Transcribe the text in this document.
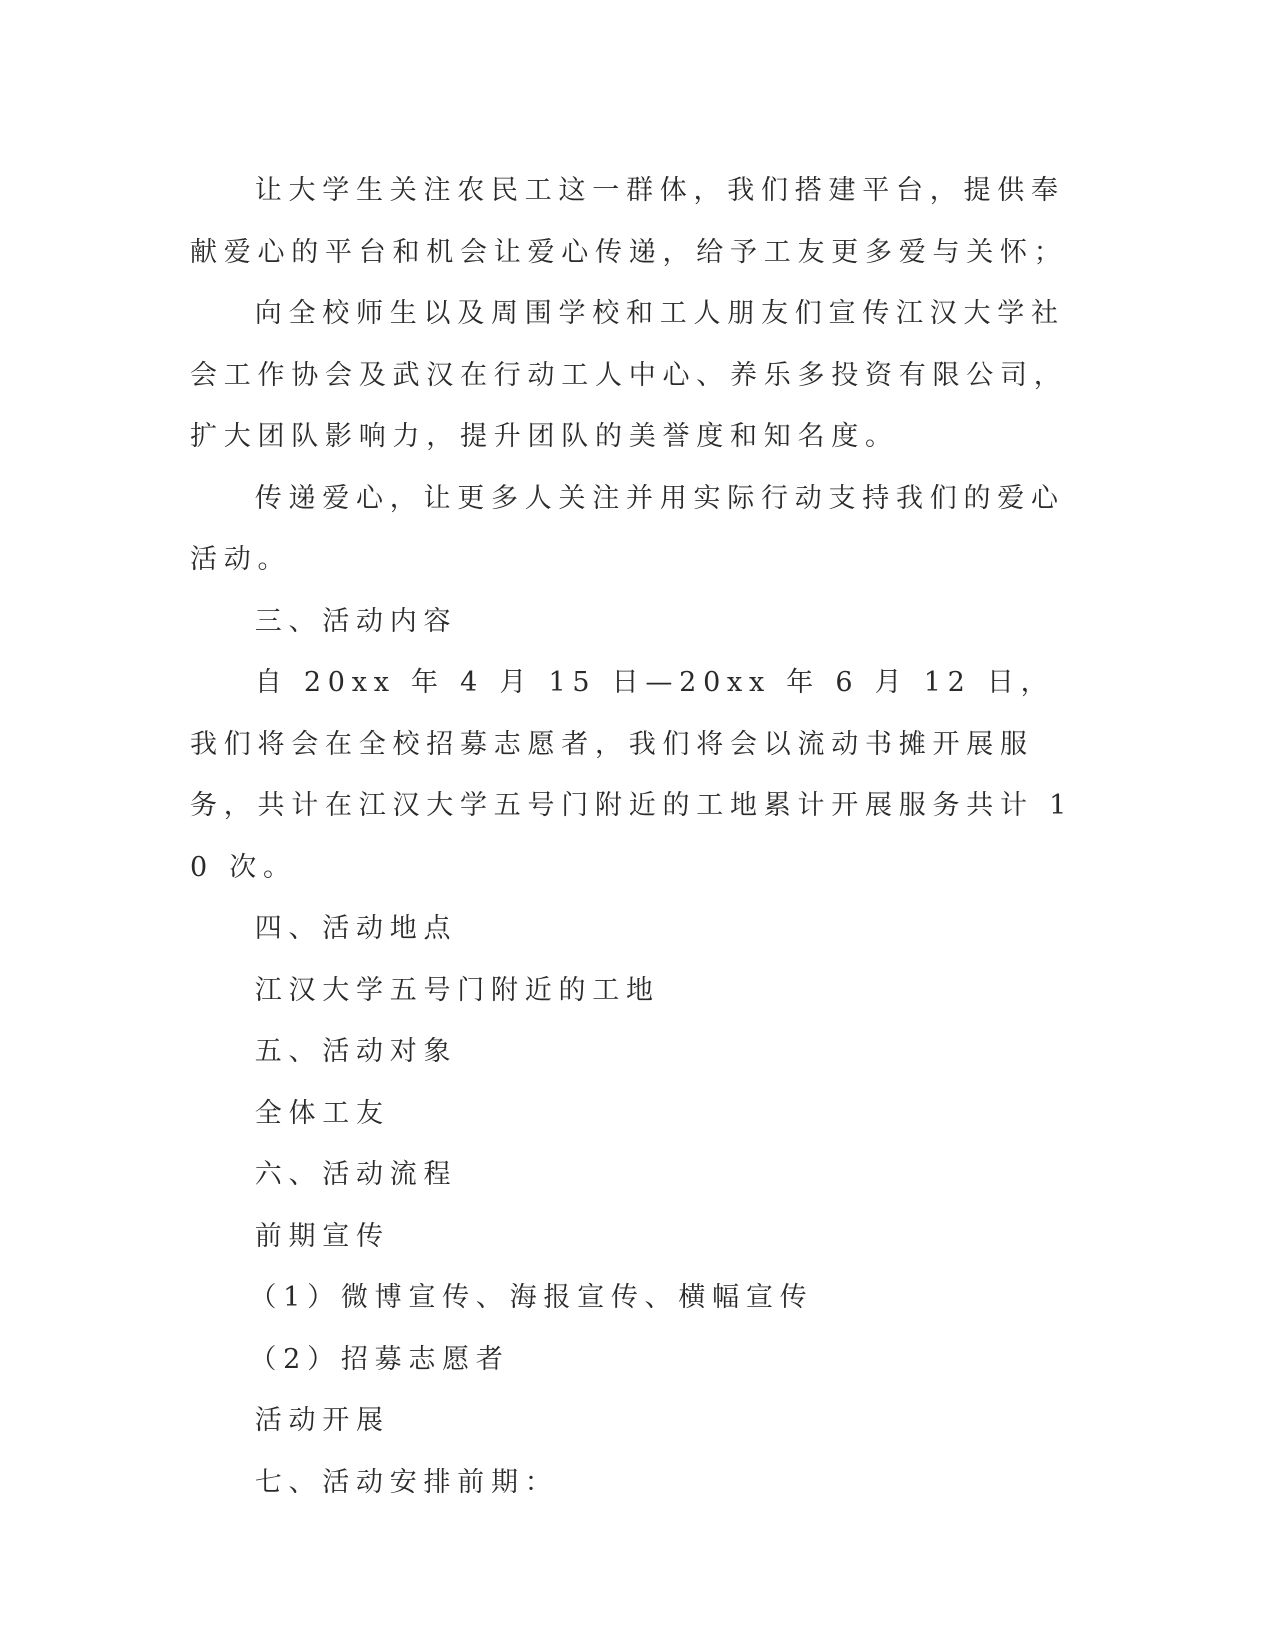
让大学生关注农民工这一群体，我们搭建平台，提供奉献爱心的平台和机会让爱心传递，给予工友更多爱与关怀；

向全校师生以及周围学校和工人朋友们宣传江汉大学社会工作协会及武汉在行动工人中心、养乐多投资有限公司，扩大团队影响力，提升团队的美誉度和知名度。

传递爱心，让更多人关注并用实际行动支持我们的爱心活动。

三、活动内容

自 20xx 年 4 月 15 日—20xx 年 6 月 12 日，我们将会在全校招募志愿者，我们将会以流动书摊开展服务，共计在江汉大学五号门附近的工地累计开展服务共计 10 次。

四、活动地点

江汉大学五号门附近的工地

五、活动对象

全体工友

六、活动流程

前期宣传

（1）微博宣传、海报宣传、横幅宣传

（2）招募志愿者

活动开展

七、活动安排前期：
